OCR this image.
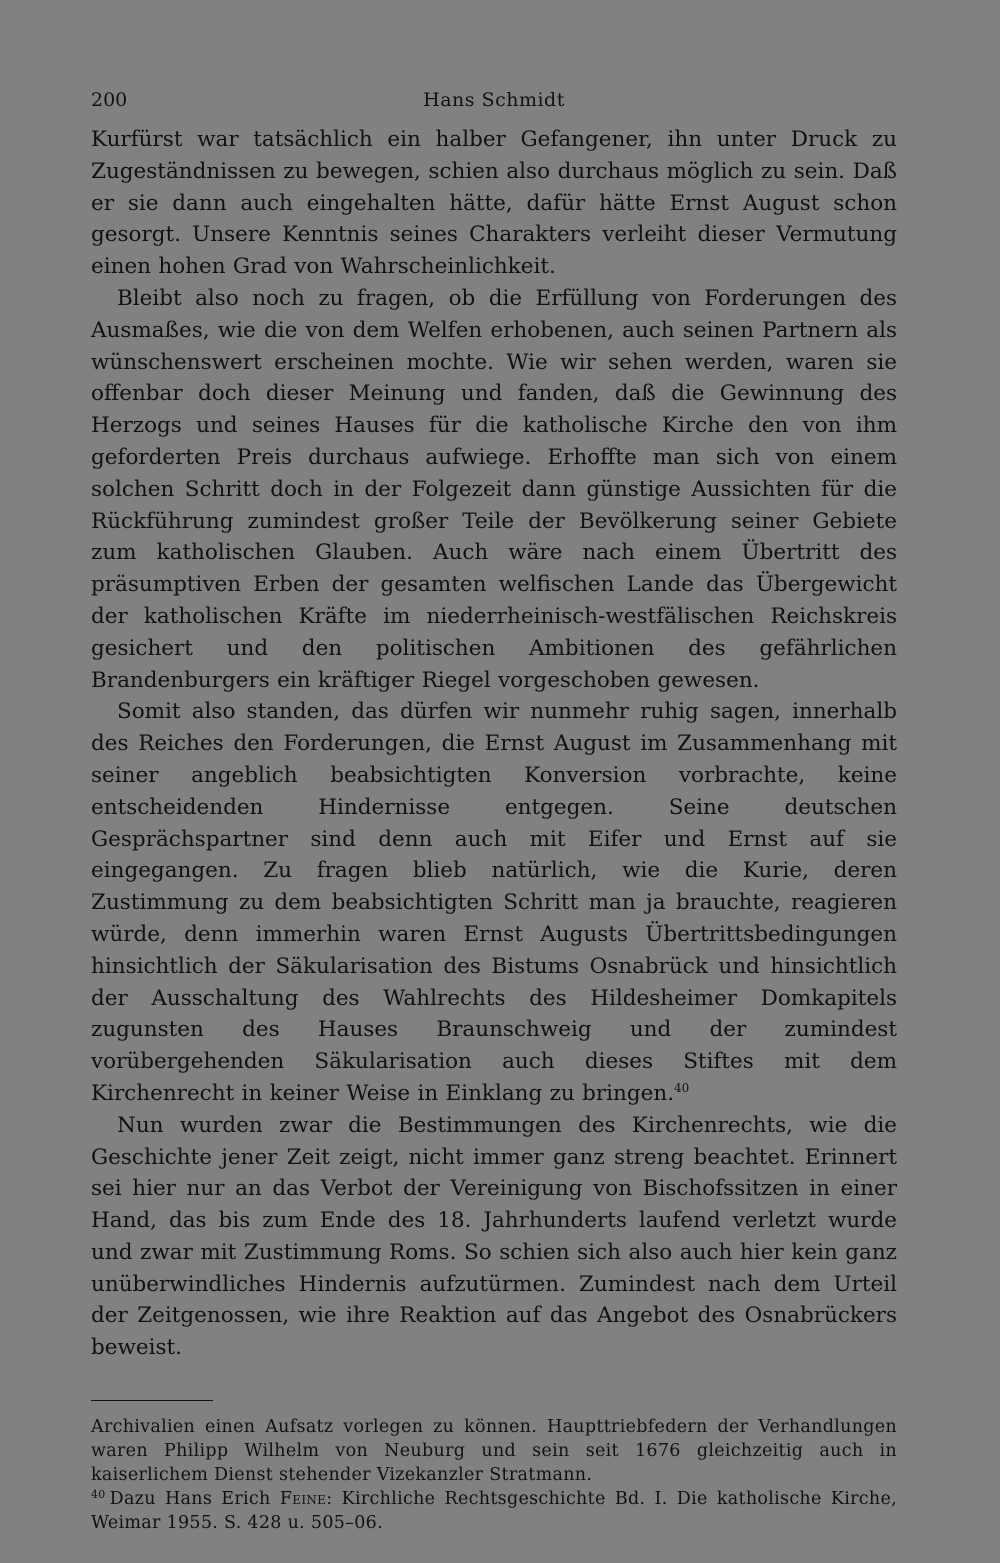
200	Hans Schmidt

Kurfürst war tatsächlich ein halber Gefangener, ihn unter Druck zu Zugeständnissen zu bewegen, schien also durchaus möglich zu sein. Daß er sie dann auch eingehalten hätte, dafür hätte Ernst August schon gesorgt. Unsere Kenntnis seines Charakters verleiht dieser Vermutung einen hohen Grad von Wahrscheinlichkeit.

Bleibt also noch zu fragen, ob die Erfüllung von Forderungen des Ausmaßes, wie die von dem Welfen erhobenen, auch seinen Partnern als wünschenswert erscheinen mochte. Wie wir sehen werden, waren sie offenbar doch dieser Meinung und fanden, daß die Gewinnung des Herzogs und seines Hauses für die katholische Kirche den von ihm geforderten Preis durchaus aufwiege. Erhoffte man sich von einem solchen Schritt doch in der Folgezeit dann günstige Aussichten für die Rückführung zumindest großer Teile der Bevölkerung seiner Gebiete zum katholischen Glauben. Auch wäre nach einem Übertritt des präsumptiven Erben der gesamten welfischen Lande das Übergewicht der katholischen Kräfte im niederrheinisch-westfälischen Reichskreis gesichert und den politischen Ambitionen des gefährlichen Brandenburgers ein kräftiger Riegel vorgeschoben gewesen.

Somit also standen, das dürfen wir nunmehr ruhig sagen, innerhalb des Reiches den Forderungen, die Ernst August im Zusammenhang mit seiner angeblich beabsichtigten Konversion vorbrachte, keine entscheidenden Hindernisse entgegen. Seine deutschen Gesprächspartner sind denn auch mit Eifer und Ernst auf sie eingegangen. Zu fragen blieb natürlich, wie die Kurie, deren Zustimmung zu dem beabsichtigten Schritt man ja brauchte, reagieren würde, denn immerhin waren Ernst Augusts Übertrittsbedingungen hinsichtlich der Säkularisation des Bistums Osnabrück und hinsichtlich der Ausschaltung des Wahlrechts des Hildesheimer Domkapitels zugunsten des Hauses Braunschweig und der zumindest vorübergehenden Säkularisation auch dieses Stiftes mit dem Kirchenrecht in keiner Weise in Einklang zu bringen.$^{40}$

Nun wurden zwar die Bestimmungen des Kirchenrechts, wie die Geschichte jener Zeit zeigt, nicht immer ganz streng beachtet. Erinnert sei hier nur an das Verbot der Vereinigung von Bischofssitzen in einer Hand, das bis zum Ende des 18. Jahrhunderts laufend verletzt wurde und zwar mit Zustimmung Roms. So schien sich also auch hier kein ganz unüberwindliches Hindernis aufzutürmen. Zumindest nach dem Urteil der Zeitgenossen, wie ihre Reaktion auf das Angebot des Osnabrückers beweist.

Archivalien einen Aufsatz vorlegen zu können. Haupttriebfedern der Verhandlungen waren Philipp Wilhelm von Neuburg und sein seit 1676 gleichzeitig auch in kaiserlichem Dienst stehender Vizekanzler Stratmann.

$^{40}$ Dazu Hans Erich Feine: Kirchliche Rechtsgeschichte Bd. I. Die katholische Kirche, Weimar 1955. S. 428 u. 505–06.
